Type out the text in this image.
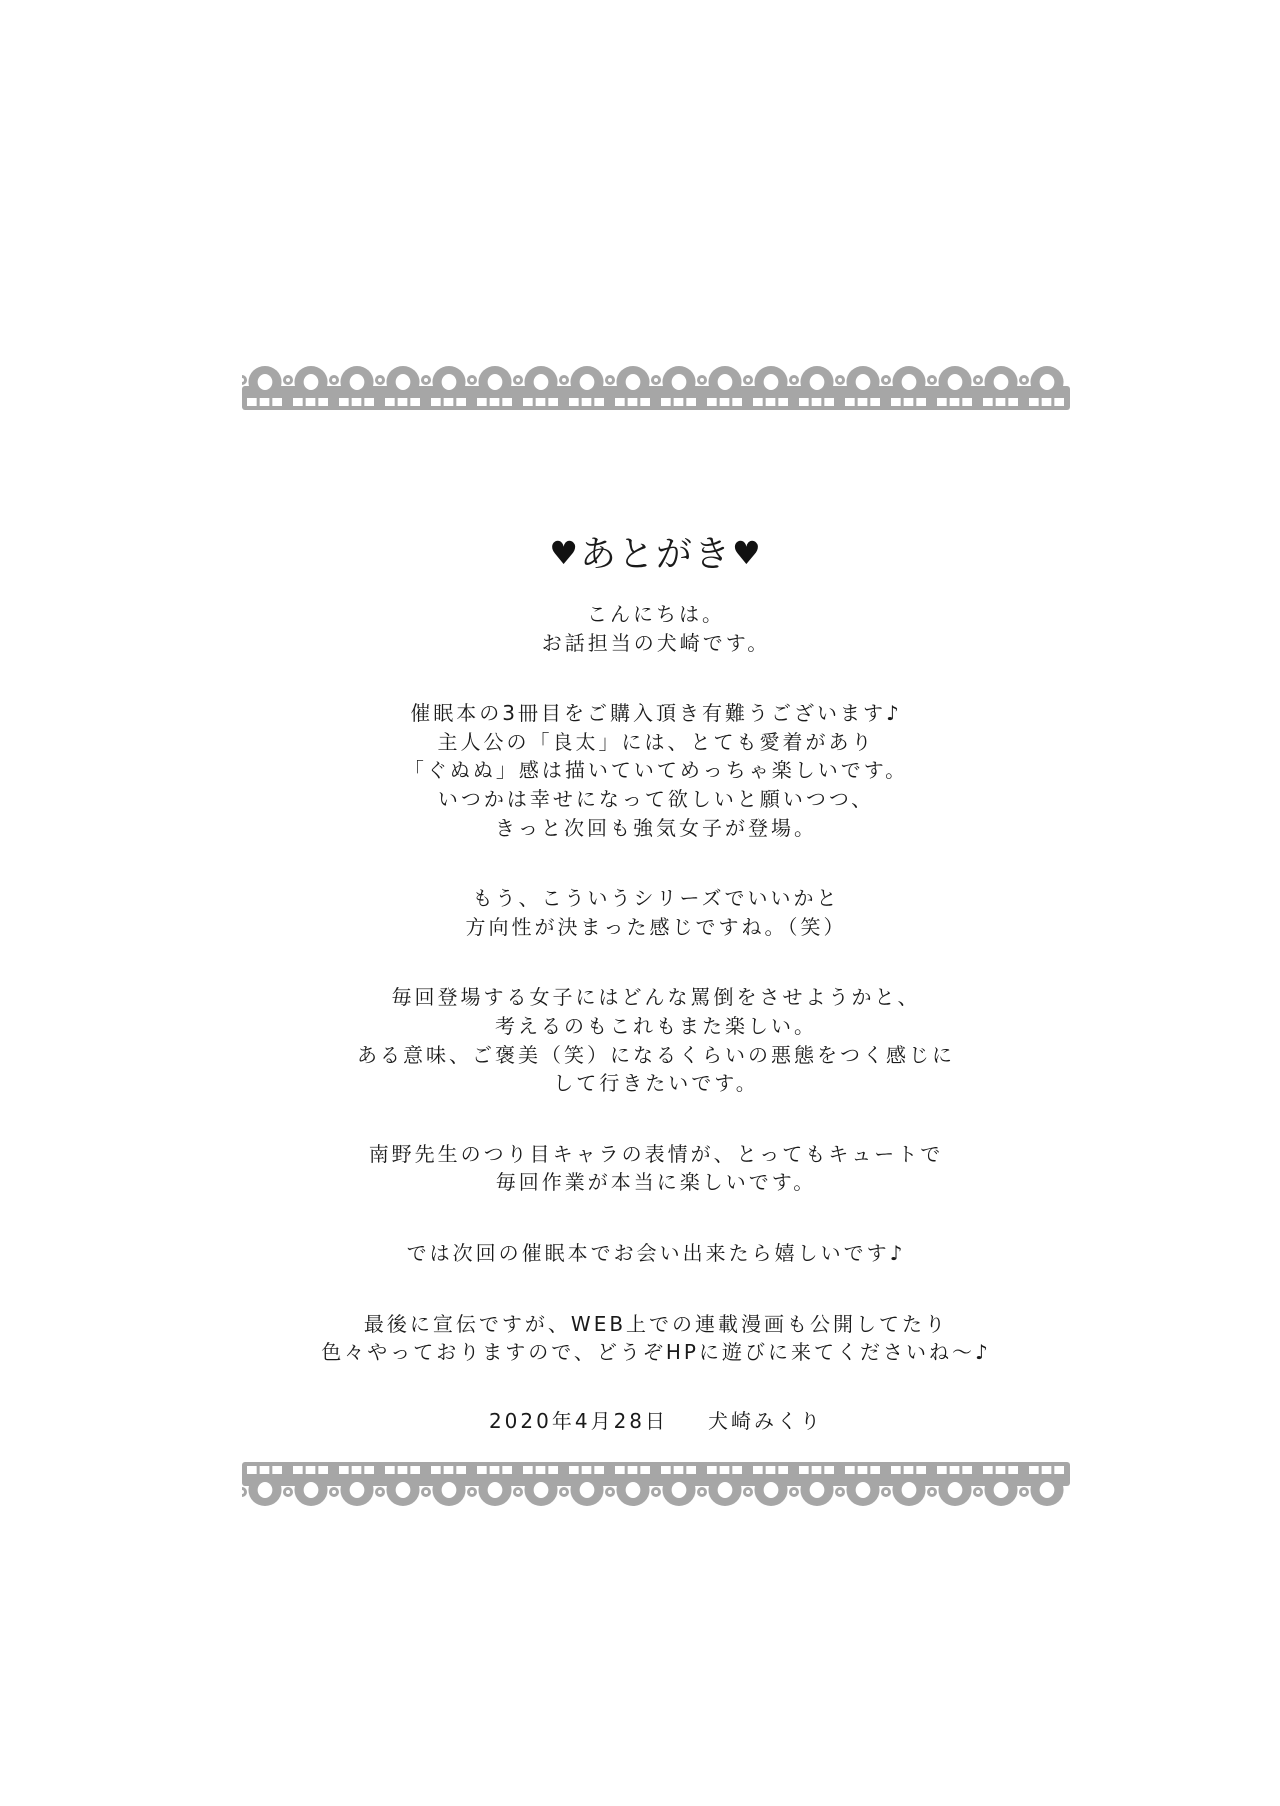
♥あとがき♥
こんにちは。
お話担当の犬崎です。
催眠本の3冊目をご購入頂き有難うございます♪
主人公の「良太」には、とても愛着があり
「ぐぬぬ」感は描いていてめっちゃ楽しいです。
いつかは幸せになって欲しいと願いつつ、
きっと次回も強気女子が登場。
もう、こういうシリーズでいいかと
方向性が決まった感じですね。（笑）
毎回登場する女子にはどんな罵倒をさせようかと、
考えるのもこれもまた楽しい。
ある意味、ご褒美（笑）になるくらいの悪態をつく感じに
して行きたいです。
南野先生のつり目キャラの表情が、とってもキュートで
毎回作業が本当に楽しいです。
では次回の催眠本でお会い出来たら嬉しいです♪
最後に宣伝ですが、WEB上での連載漫画も公開してたり
色々やっておりますので、どうぞHPに遊びに来てくださいね～♪
2020年4月28日 犬崎みくり
